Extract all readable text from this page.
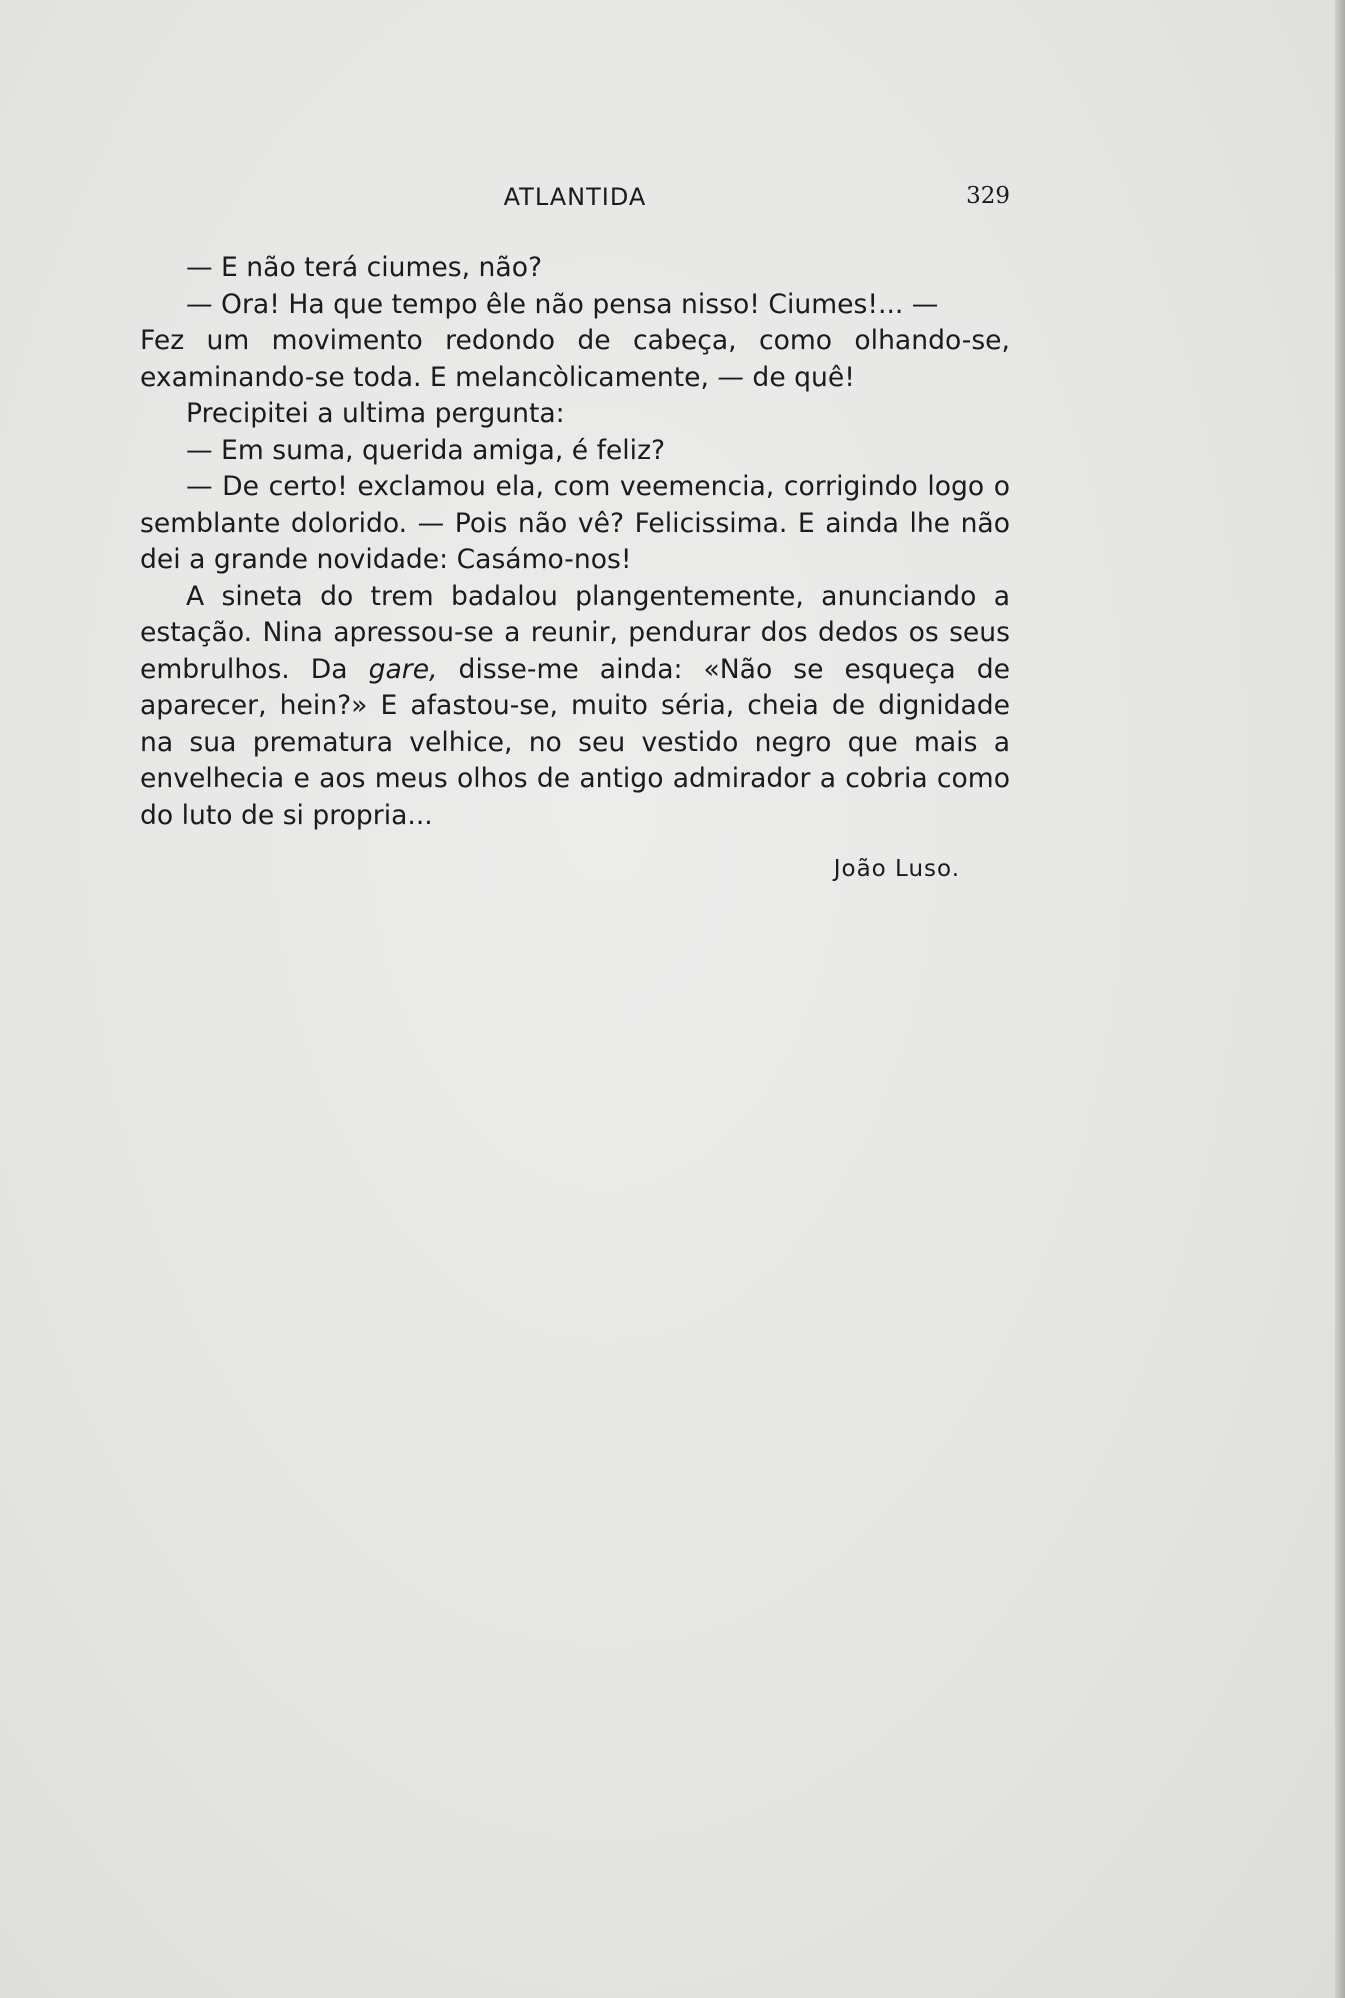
ATLANTIDA	329

— E não terá ciumes, não?

— Ora! Ha que tempo êle não pensa nisso! Ciumes!... —

Fez um movimento redondo de cabeça, como olhando-se, examinando-se toda. E melancòlicamente, — de quê!

Precipitei a ultima pergunta:

— Em suma, querida amiga, é feliz?

— De certo! exclamou ela, com veemencia, corrigindo logo o semblante dolorido. — Pois não vê? Felicissima. E ainda lhe não dei a grande novidade: Casámo-nos!

A sineta do trem badalou plangentemente, anunciando a estação. Nina apressou-se a reunir, pendurar dos dedos os seus embrulhos. Da gare, disse-me ainda: «Não se esqueça de aparecer, hein?» E afastou-se, muito séria, cheia de dignidade na sua prematura velhice, no seu vestido negro que mais a envelhecia e aos meus olhos de antigo admirador a cobria como do luto de si propria...

João Luso.
